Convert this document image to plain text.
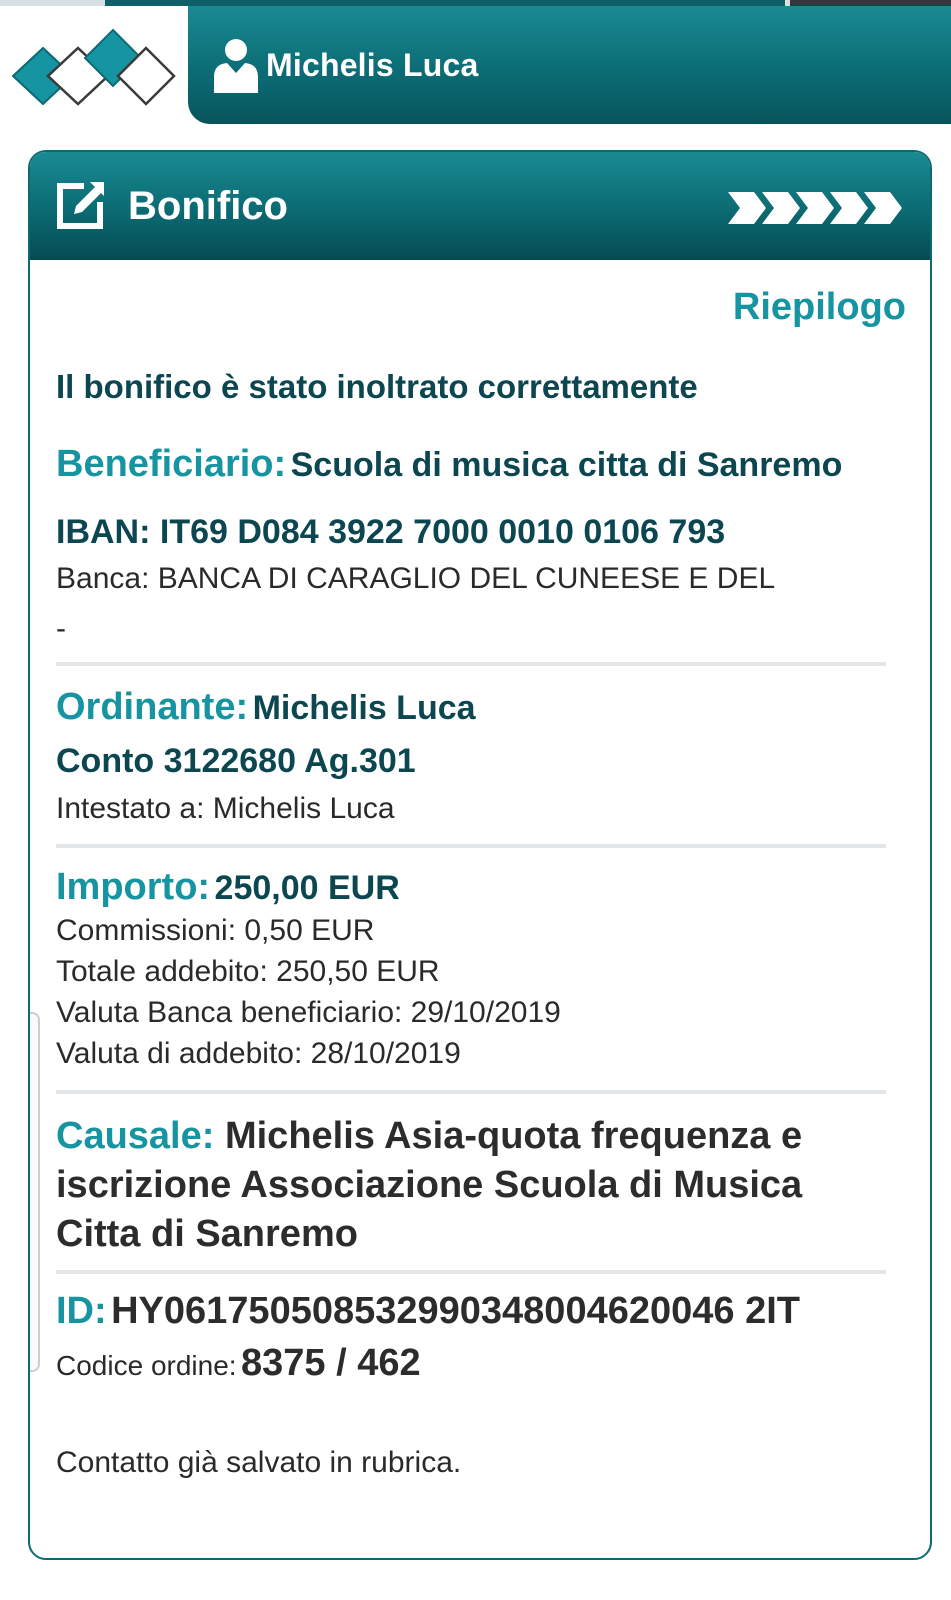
Michelis Luca
Bonifico
Riepilogo
Il bonifico è stato inoltrato correttamente
Beneficiario: Scuola di musica citta di Sanremo
IBAN: IT69 D084 3922 7000 0010 0106 793
Banca: BANCA DI CARAGLIO DEL CUNEESE E DEL
-
Ordinante: Michelis Luca
Conto 3122680 Ag.301
Intestato a: Michelis Luca
Importo: 250,00 EUR
Commissioni: 0,50 EUR
Totale addebito: 250,50 EUR
Valuta Banca beneficiario: 29/10/2019
Valuta di addebito: 28/10/2019
Causale: Michelis Asia-quota frequenza e iscrizione Associazione Scuola di Musica Citta di Sanremo
ID: HY061750508532990348004620046 2IT
Codice ordine: 8375 / 462
Contatto già salvato in rubrica.
